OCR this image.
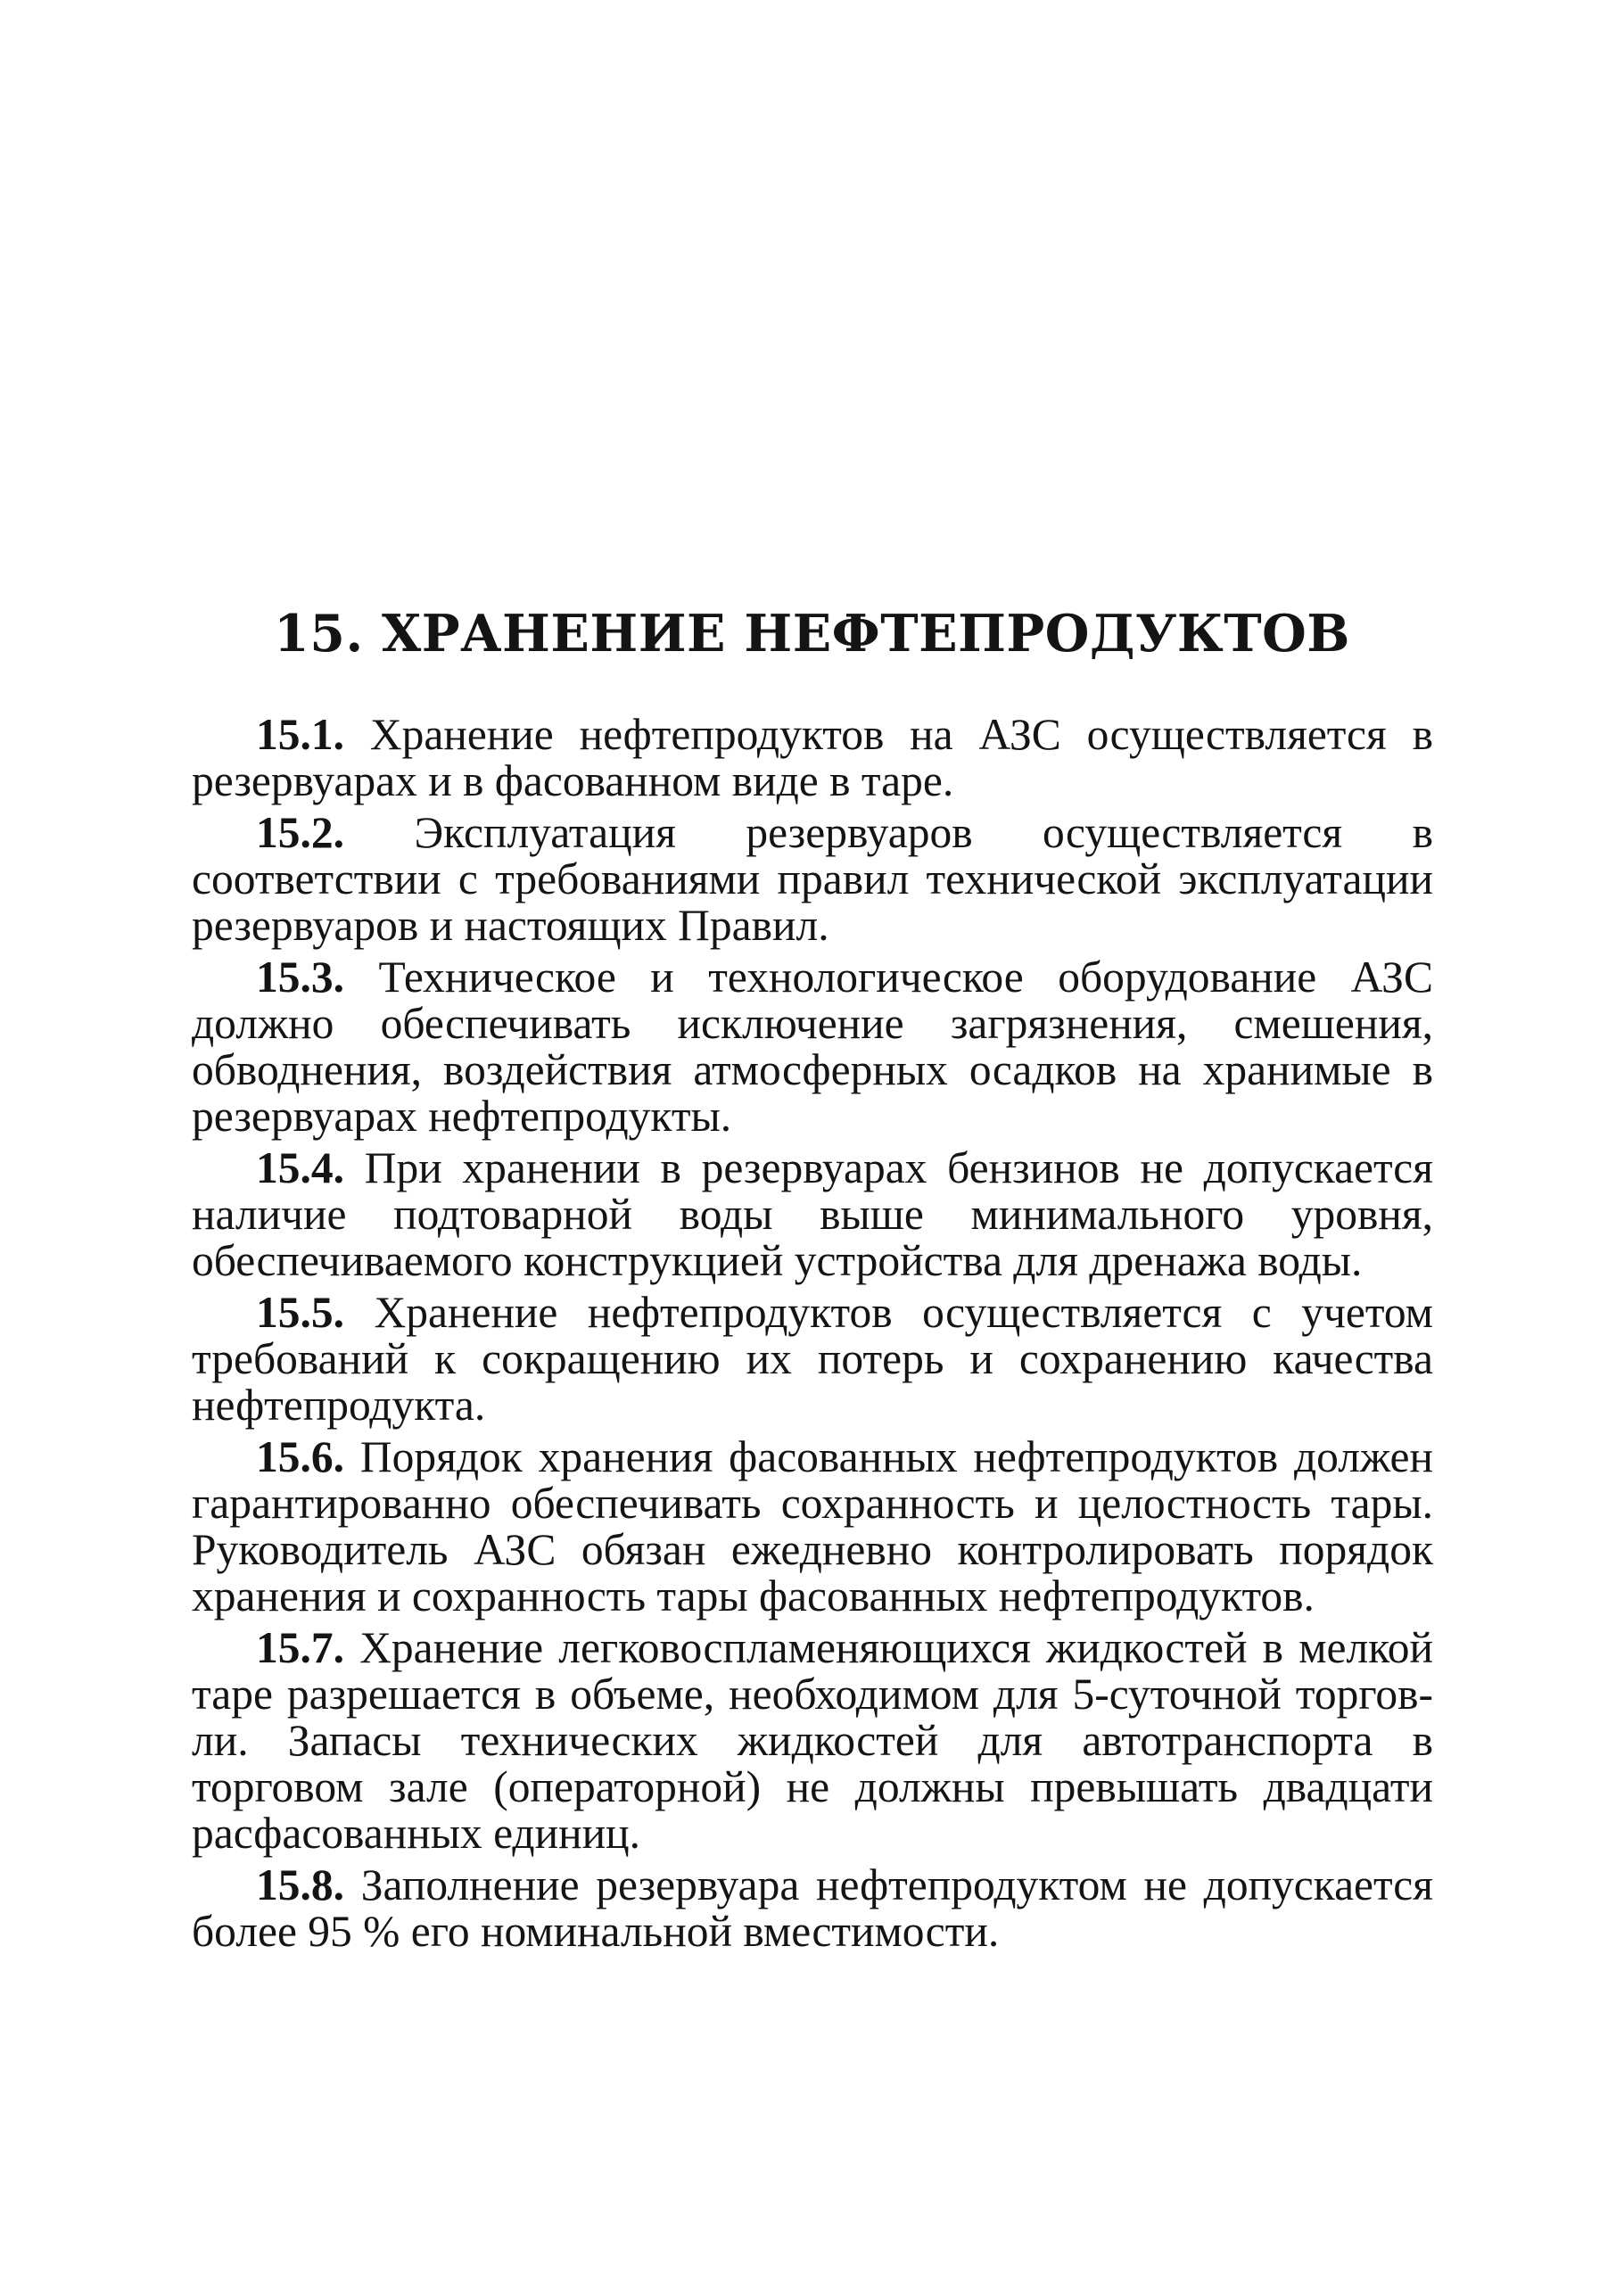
15. ХРАНЕНИЕ НЕФТЕПРОДУКТОВ

15.1. Хранение нефтепродуктов на АЗС осуществляется в резервуарах и в фасованном виде в таре.

15.2. Эксплуатация резервуаров осуществляется в соответствии с требованиями правил технической эксплуатации резервуаров и настоящих Правил.

15.3. Техническое и технологическое оборудование АЗС должно обеспечивать исключение загрязнения, смешения, обводнения, воздействия атмосферных осадков на хранимые в резервуарах нефтепродукты.

15.4. При хранении в резервуарах бензинов не допускается наличие подтоварной воды выше минимального уровня, обеспечиваемого конструкцией устройства для дренажа воды.

15.5. Хранение нефтепродуктов осуществляется с учетом требований к сокращению их потерь и сохранению качества нефтепродукта.

15.6. Порядок хранения фасованных нефтепродуктов должен гарантированно обеспечивать сохранность и целостность тары. Руководитель АЗС обязан ежедневно контролировать порядок хранения и сохранность тары фасованных нефтепродуктов.

15.7. Хранение легковоспламеняющихся жидкостей в мелкой таре разрешается в объеме, необходимом для 5-суточной торговли. Запасы технических жидкостей для автотранспорта в торговом зале (операторной) не должны превышать двадцати расфасованных единиц.

15.8. Заполнение резервуара нефтепродуктом не допускается более 95 % его номинальной вместимости.
